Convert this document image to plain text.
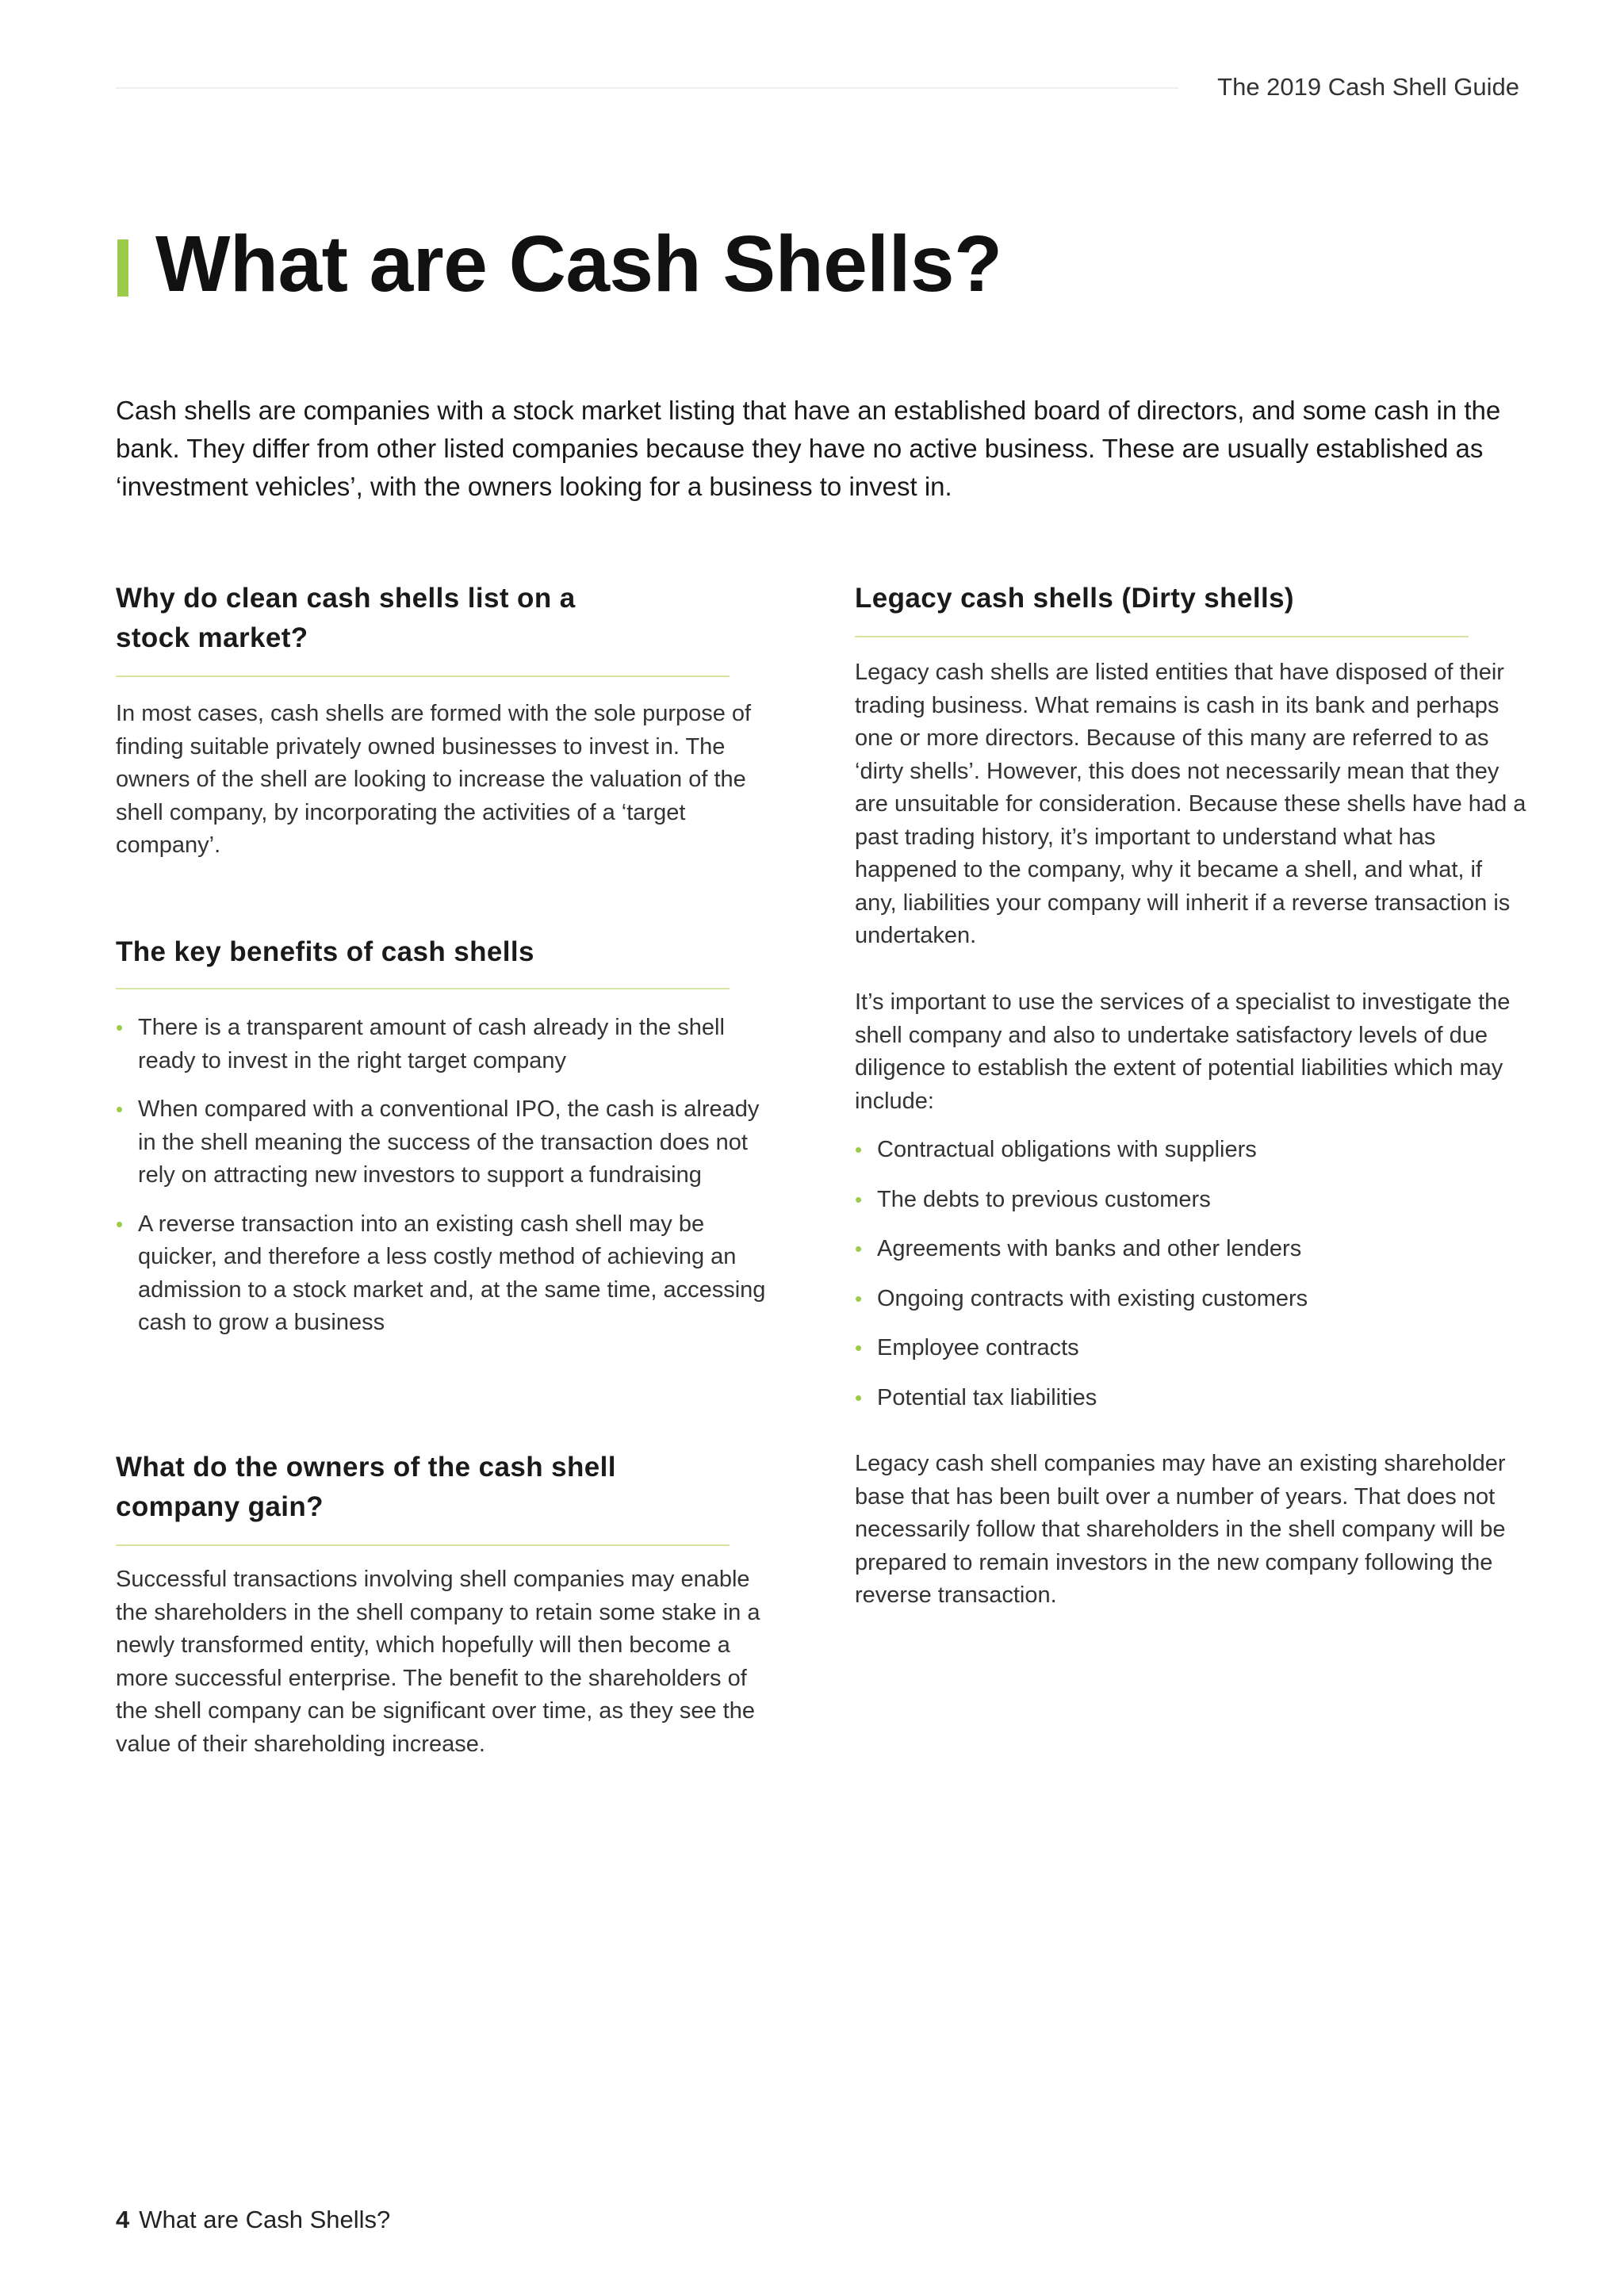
The 2019 Cash Shell Guide
What are Cash Shells?

Cash shells are companies with a stock market listing that have an established board of directors, and some cash in the bank. They differ from other listed companies because they have no active business. These are usually established as ‘investment vehicles’, with the owners looking for a business to invest in.

Why do clean cash shells list on a stock market?

In most cases, cash shells are formed with the sole purpose of finding suitable privately owned businesses to invest in. The owners of the shell are looking to increase the valuation of the shell company, by incorporating the activities of a ‘target company’.

The key benefits of cash shells
• There is a transparent amount of cash already in the shell ready to invest in the right target company
• When compared with a conventional IPO, the cash is already in the shell meaning the success of the transaction does not rely on attracting new investors to support a fundraising
• A reverse transaction into an existing cash shell may be quicker, and therefore a less costly method of achieving an admission to a stock market and, at the same time, accessing cash to grow a business
What do the owners of the cash shell company gain?

Successful transactions involving shell companies may enable the shareholders in the shell company to retain some stake in a newly transformed entity, which hopefully will then become a more successful enterprise. The benefit to the shareholders of the shell company can be significant over time, as they see the value of their shareholding increase.

Legacy cash shells (Dirty shells)

Legacy cash shells are listed entities that have disposed of their trading business. What remains is cash in its bank and perhaps one or more directors. Because of this many are referred to as ‘dirty shells’. However, this does not necessarily mean that they are unsuitable for consideration. Because these shells have had a past trading history, it’s important to understand what has happened to the company, why it became a shell, and what, if any, liabilities your company will inherit if a reverse transaction is undertaken.

It’s important to use the services of a specialist to investigate the shell company and also to undertake satisfactory levels of due diligence to establish the extent of potential liabilities which may include:

• Contractual obligations with suppliers
• The debts to previous customers
• Agreements with banks and other lenders
• Ongoing contracts with existing customers
• Employee contracts
• Potential tax liabilities

Legacy cash shell companies may have an existing shareholder base that has been built over a number of years. That does not necessarily follow that shareholders in the shell company will be prepared to remain investors in the new company following the reverse transaction.

4 What are Cash Shells?
